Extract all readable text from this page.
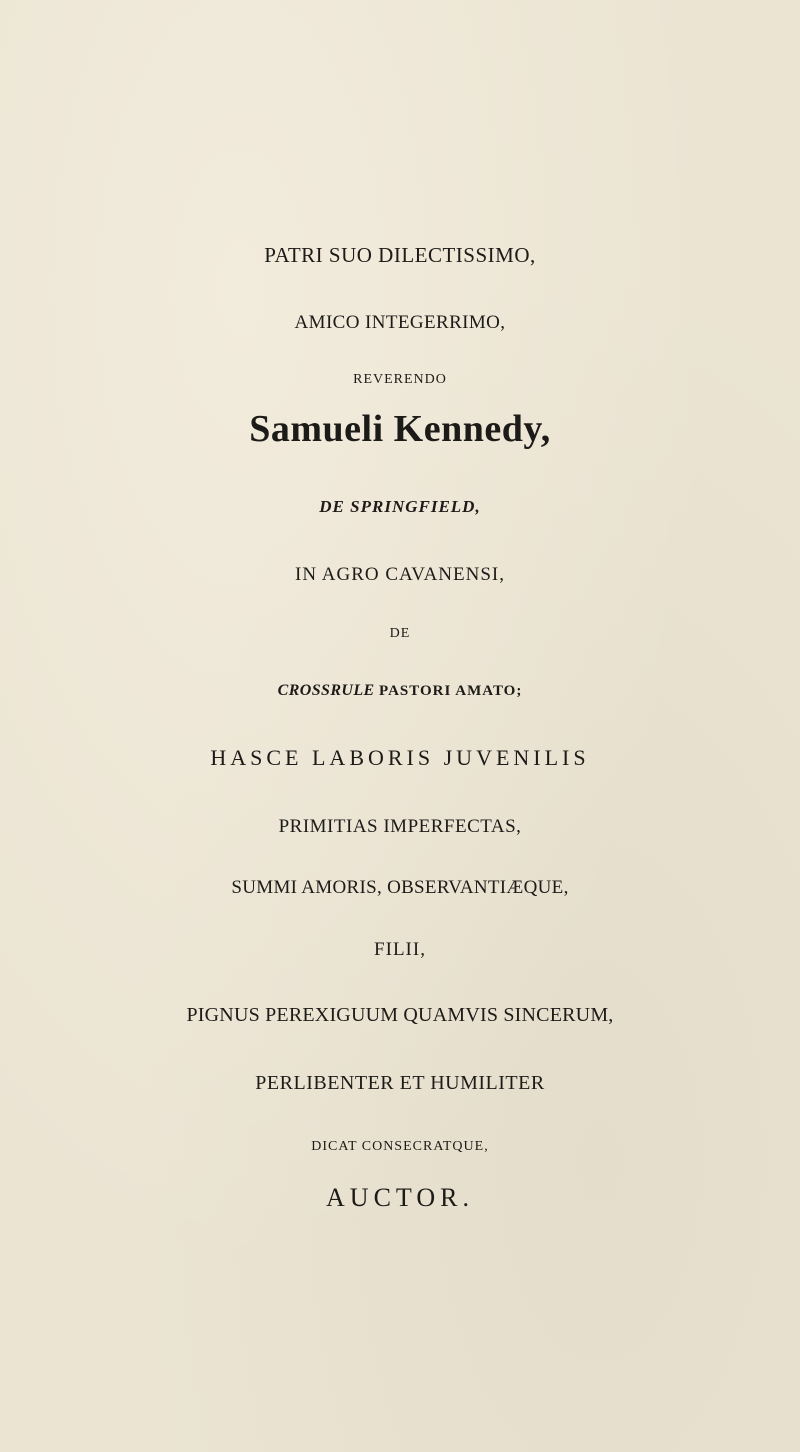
PATRI SUO DILECTISSIMO,
AMICO INTEGERRIMO,
REVERENDO
Samueli Kennedy,
DE SPRINGFIELD,
IN AGRO CAVANENSI,
DE
CROSSRULE PASTORI AMATO;
HASCE LABORIS JUVENILIS
PRIMITIAS IMPERFECTAS,
SUMMI AMORIS, OBSERVANTIÆQUE,
FILII,
PIGNUS PEREXIGUUM QUAMVIS SINCERUM,
PERLIBENTER ET HUMILITER
DICAT CONSECRATQUE,
AUCTOR.
